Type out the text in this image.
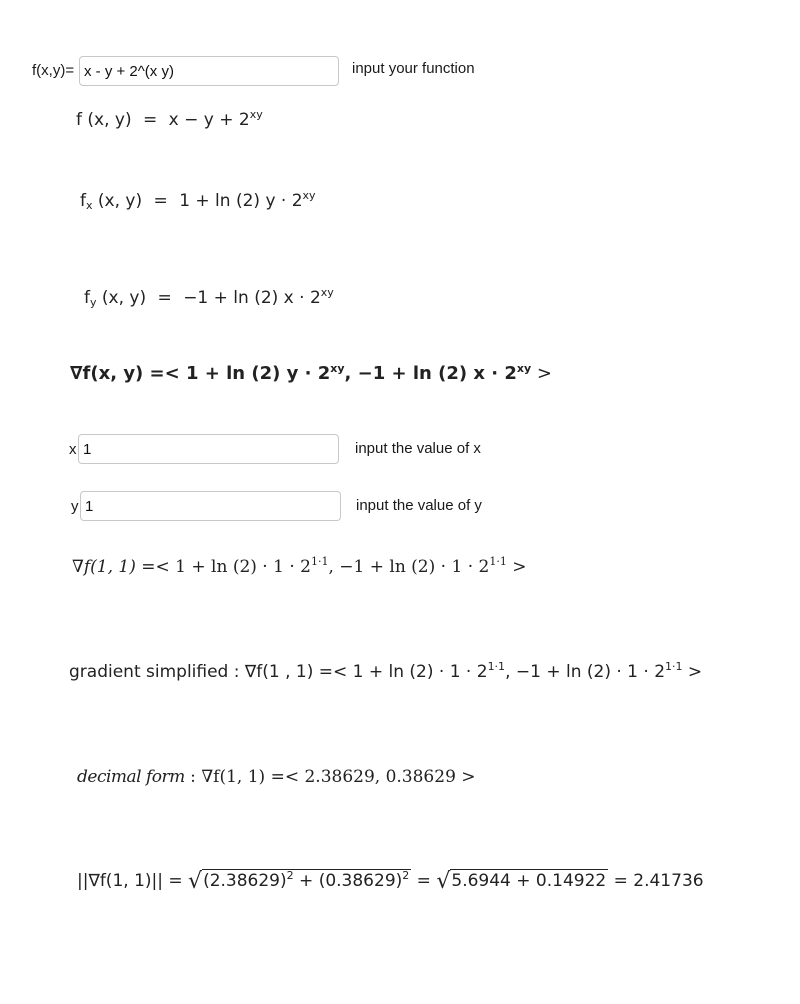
f(x,y)=
x - y + 2^(x y)	input your function
f (x, $y) = x - y + 2^{xy}$
$f_x$ (x, y) = 1 + ln (2) $y \cdot 2^{xy}$
$f_y$ (x, y) = −1 + ln (2) $x \cdot 2^{xy}$
∇f(x, y) =< 1 + ln (2) $y \cdot 2^{xy}$, −1 + ln (2) $x \cdot 2^{xy}$ >
x
1	input the value of x
y
1	input the value of y
∇f(1, $1) =< 1 + \ln (2) \cdot 1 \cdot 2^{1\cdot 1}$, $-1 + \ln (2) \cdot 1 \cdot 2^{1\cdot 1}$ >
gradient simplified : ∇f(1 , $1) =< 1 + \ln (2) \cdot 1 \cdot 2^{1\cdot 1}$, $-1 + \ln (2) \cdot 1 \cdot 2^{1\cdot 1}$ >
decimal form : ∇f(1, 1) =< 2.38629, 0.38629 >
||∇f(1, $1)|| = √(2.38629)^2 + (0.38629)^2 = √5.6944 + 0.14922 = 2.41736$
